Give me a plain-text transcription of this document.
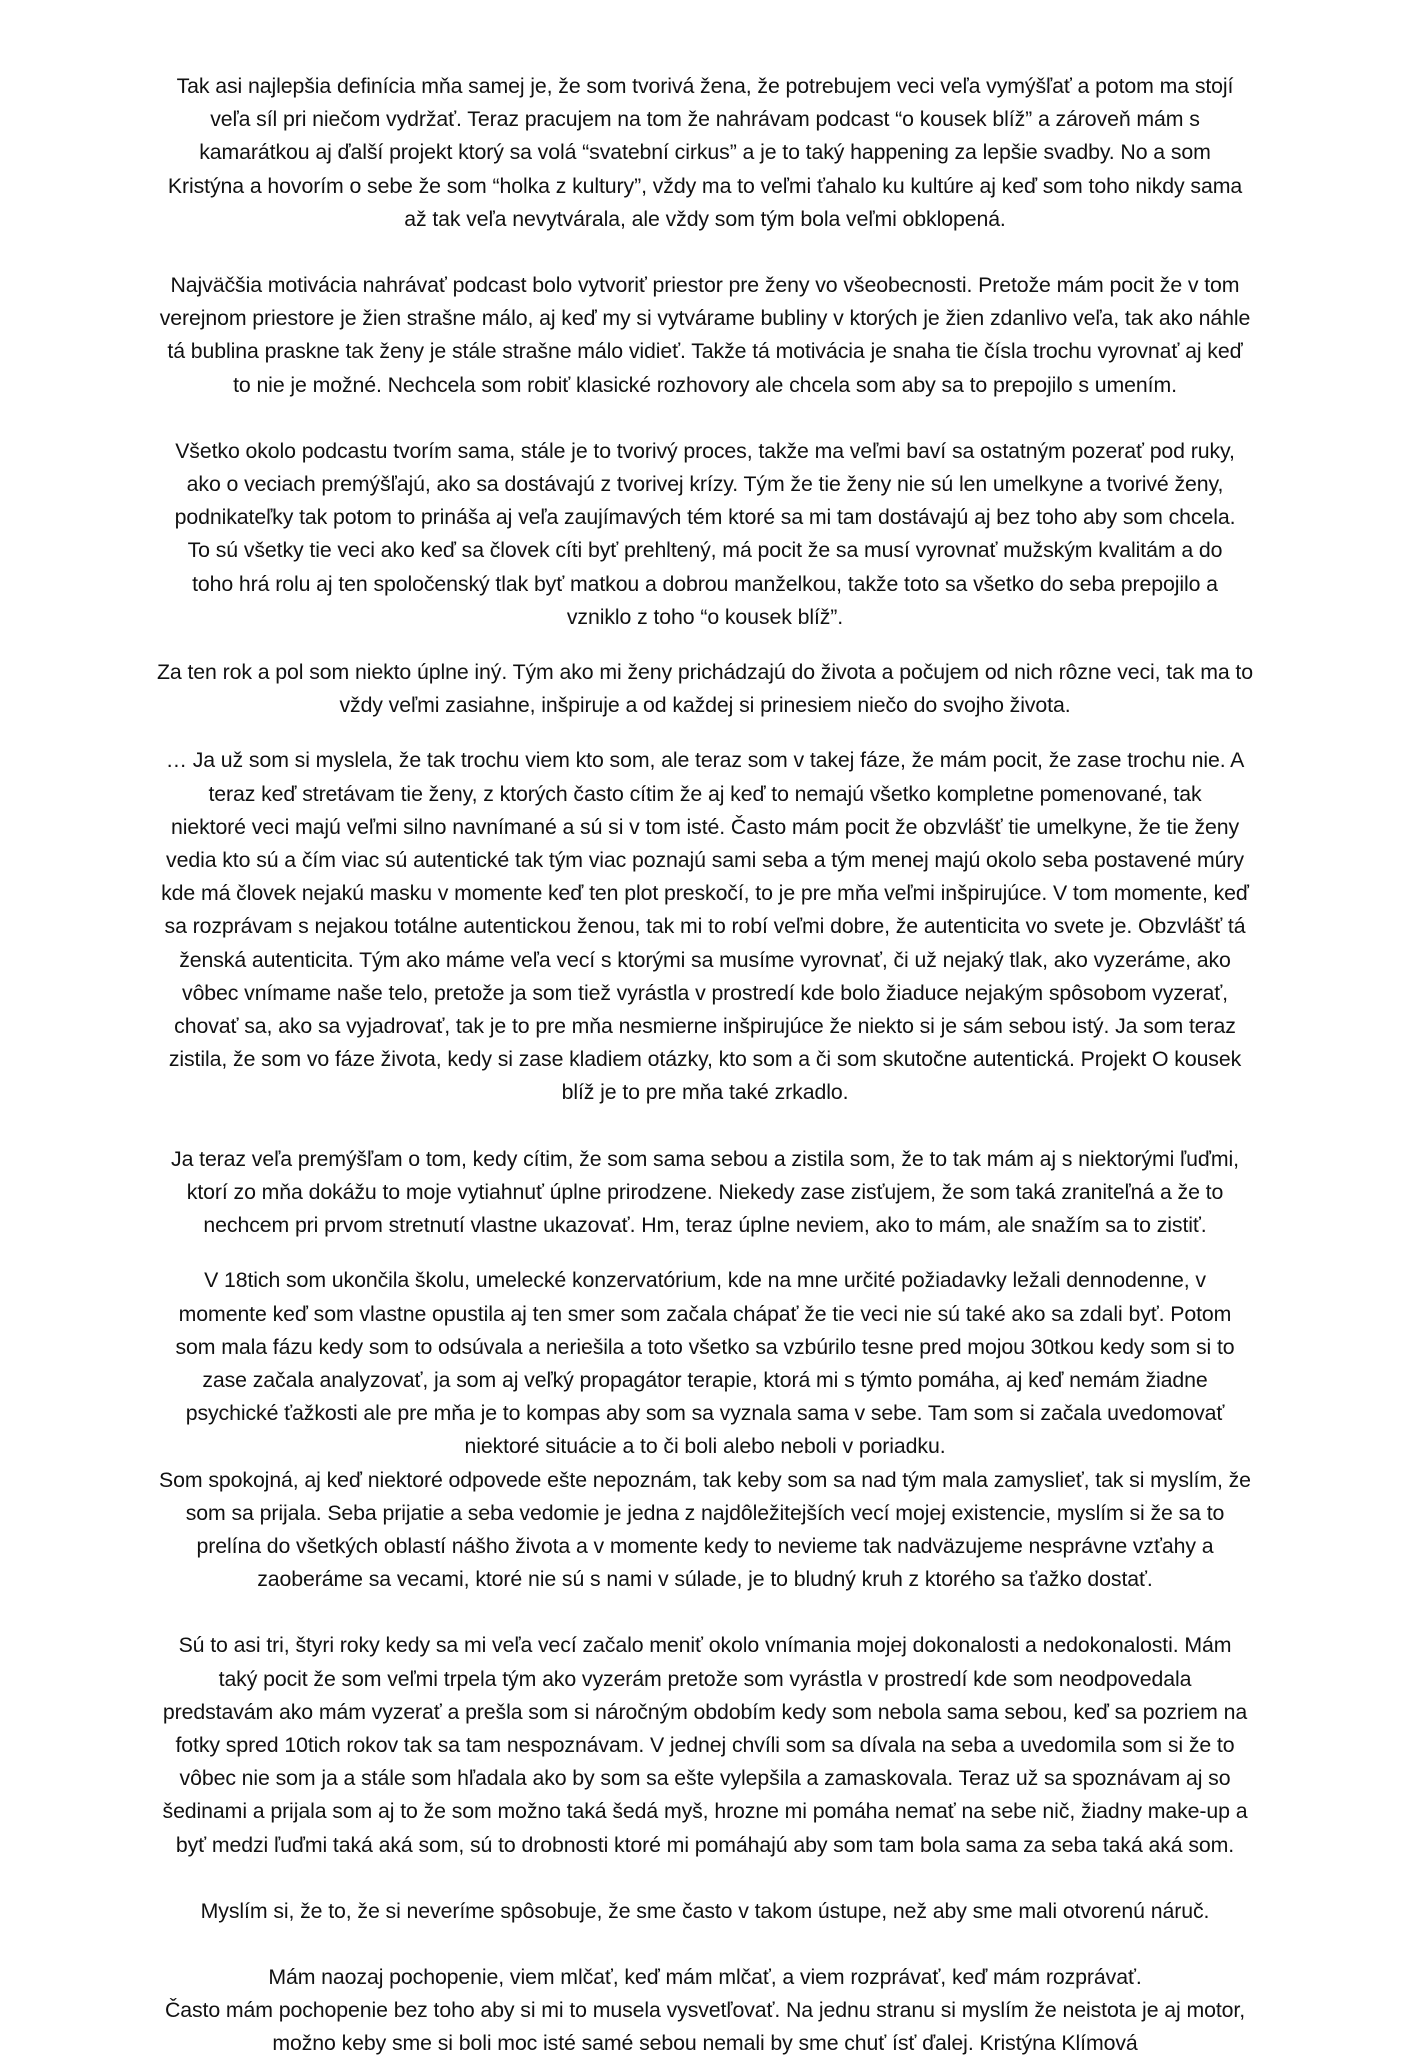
Tak asi najlepšia definícia mňa samej je, že som tvorivá žena, že potrebujem veci veľa vymýšľať a potom ma stojí
veľa síl pri niečom vydržať. Teraz pracujem na tom že nahrávam podcast “o kousek blíž” a zároveň mám s
kamarátkou aj ďalší projekt ktorý sa volá “svatební cirkus” a je to taký happening za lepšie svadby. No a som
Kristýna a hovorím o sebe že som “holka z kultury”, vždy ma to veľmi ťahalo ku kultúre aj keď som toho nikdy sama
až tak veľa nevytvárala, ale vždy som tým bola veľmi obklopená.

Najväčšia motivácia nahrávať podcast bolo vytvoriť priestor pre ženy vo všeobecnosti. Pretože mám pocit že v tom
verejnom priestore je žien strašne málo, aj keď my si vytvárame bubliny v ktorých je žien zdanlivo veľa, tak ako náhle
tá bublina praskne tak ženy je stále strašne málo vidieť. Takže tá motivácia je snaha tie čísla trochu vyrovnať aj keď
to nie je možné. Nechcela som robiť klasické rozhovory ale chcela som aby sa to prepojilo s umením.

Všetko okolo podcastu tvorím sama, stále je to tvorivý proces, takže ma veľmi baví sa ostatným pozerať pod ruky,
ako o veciach premýšľajú, ako sa dostávajú z tvorivej krízy. Tým že tie ženy nie sú len umelkyne a tvorivé ženy,
podnikateľky tak potom to prináša aj veľa zaujímavých tém ktoré sa mi tam dostávajú aj bez toho aby som chcela.
To sú všetky tie veci ako keď sa človek cíti byť prehltený, má pocit že sa musí vyrovnať mužským kvalitám a do
toho hrá rolu aj ten spoločenský tlak byť matkou a dobrou manželkou, takže toto sa všetko do seba prepojilo a
vzniklo z toho “o kousek blíž”.

Za ten rok a pol som niekto úplne iný. Tým ako mi ženy prichádzajú do života a počujem od nich rôzne veci, tak ma to
vždy veľmi zasiahne, inšpiruje a od každej si prinesiem niečo do svojho života.

… Ja už som si myslela, že tak trochu viem kto som, ale teraz som v takej fáze, že mám pocit, že zase trochu nie. A
teraz keď stretávam tie ženy, z ktorých často cítim že aj keď to nemajú všetko kompletne pomenované, tak
niektoré veci majú veľmi silno navnímané a sú si v tom isté. Často mám pocit že obzvlášť tie umelkyne, že tie ženy
vedia kto sú a čím viac sú autentické tak tým viac poznajú sami seba a tým menej majú okolo seba postavené múry
kde má človek nejakú masku v momente keď ten plot preskočí, to je pre mňa veľmi inšpirujúce. V tom momente, keď
sa rozprávam s nejakou totálne autentickou ženou, tak mi to robí veľmi dobre, že autenticita vo svete je. Obzvlášť tá
ženská autenticita. Tým ako máme veľa vecí s ktorými sa musíme vyrovnať, či už nejaký tlak, ako vyzeráme, ako
vôbec vnímame naše telo, pretože ja som tiež vyrástla v prostredí kde bolo žiaduce nejakým spôsobom vyzerať,
chovať sa, ako sa vyjadrovať, tak je to pre mňa nesmierne inšpirujúce že niekto si je sám sebou istý. Ja som teraz
zistila, že som vo fáze života, kedy si zase kladiem otázky, kto som a či som skutočne autentická. Projekt O kousek
blíž je to pre mňa také zrkadlo.

Ja teraz veľa premýšľam o tom, kedy cítim, že som sama sebou a zistila som, že to tak mám aj s niektorými ľuďmi,
ktorí zo mňa dokážu to moje vytiahnuť úplne prirodzene. Niekedy zase zisťujem, že som taká zraniteľná a že to
nechcem pri prvom stretnutí vlastne ukazovať. Hm, teraz úplne neviem, ako to mám, ale snažím sa to zistiť.

V 18tich som ukončila školu, umelecké konzervatórium, kde na mne určité požiadavky ležali dennodenne, v
momente keď som vlastne opustila aj ten smer som začala chápať že tie veci nie sú také ako sa zdali byť. Potom
som mala fázu kedy som to odsúvala a neriešila a toto všetko sa vzbúrilo tesne pred mojou 30tkou kedy som si to
zase začala analyzovať, ja som aj veľký propagátor terapie, ktorá mi s týmto pomáha, aj keď nemám žiadne
psychické ťažkosti ale pre mňa je to kompas aby som sa vyznala sama v sebe. Tam som si začala uvedomovať
niektoré situácie a to či boli alebo neboli v poriadku.
Som spokojná, aj keď niektoré odpovede ešte nepoznám, tak keby som sa nad tým mala zamyslieť, tak si myslím, že
som sa prijala. Seba prijatie a seba vedomie je jedna z najdôležitejších vecí mojej existencie, myslím si že sa to
prelína do všetkých oblastí nášho života a v momente kedy to nevieme tak nadväzujeme nesprávne vzťahy a
zaoberáme sa vecami, ktoré nie sú s nami v súlade, je to bludný kruh z ktorého sa ťažko dostať.

Sú to asi tri, štyri roky kedy sa mi veľa vecí začalo meniť okolo vnímania mojej dokonalosti a nedokonalosti. Mám
taký pocit že som veľmi trpela tým ako vyzerám pretože som vyrástla v prostredí kde som neodpovedala
predstavám ako mám vyzerať a prešla som si náročným obdobím kedy som nebola sama sebou, keď sa pozriem na
fotky spred 10tich rokov tak sa tam nespoznávam. V jednej chvíli som sa dívala na seba a uvedomila som si že to
vôbec nie som ja a stále som hľadala ako by som sa ešte vylepšila a zamaskovala. Teraz už sa spoznávam aj so
šedinami a prijala som aj to že som možno taká šedá myš, hrozne mi pomáha nemať na sebe nič, žiadny make-up a
byť medzi ľuďmi taká aká som, sú to drobnosti ktoré mi pomáhajú aby som tam bola sama za seba taká aká som.

Myslím si, že to, že si neveríme spôsobuje, že sme často v takom ústupe, než aby sme mali otvorenú náruč.

Mám naozaj pochopenie, viem mlčať, keď mám mlčať, a viem rozprávať, keď mám rozprávať.
Často mám pochopenie bez toho aby si mi to musela vysvetľovať. Na jednu stranu si myslím že neistota je aj motor,
možno keby sme si boli moc isté samé sebou nemali by sme chuť ísť ďalej. Kristýna Klímová
